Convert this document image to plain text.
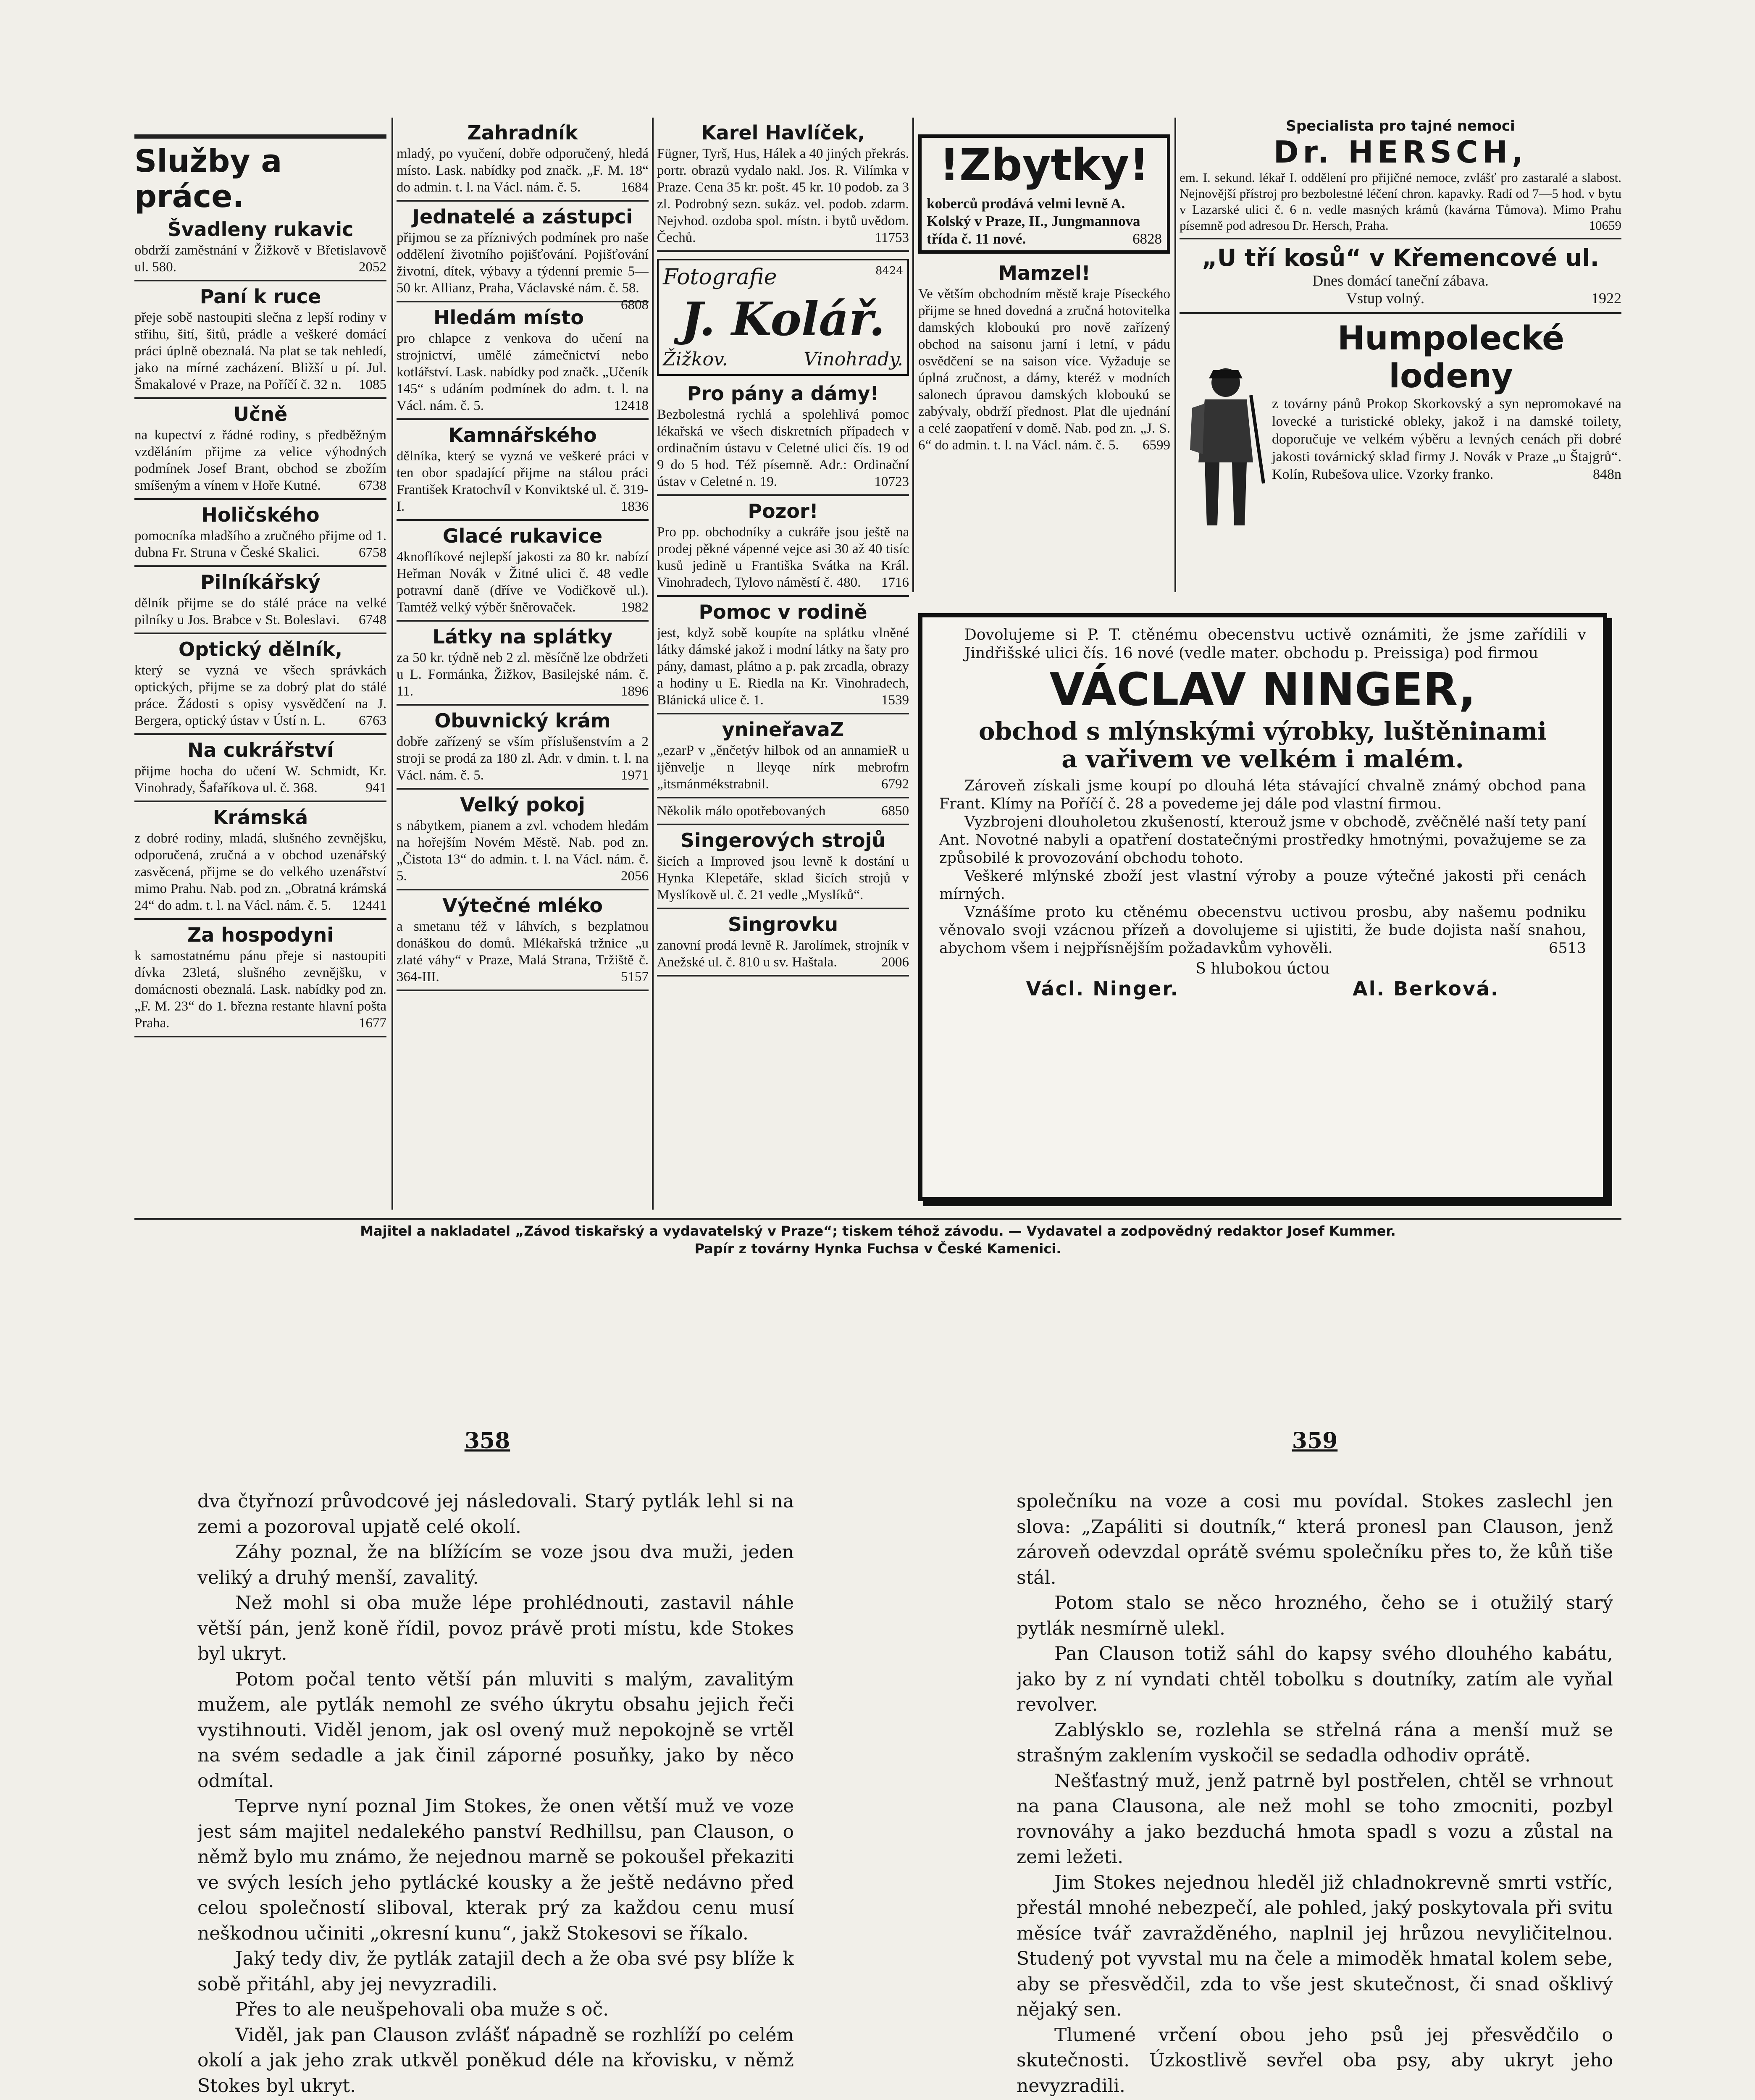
Služby a práce.
Švadleny rukavic

obdrží zaměstnání v Žižkově v Břetislavově ul. 580.	2052

Paní k ruce

přeje sobě nastoupiti slečna z lepší rodiny v střihu, šití, šitů, prádle a veškeré domácí práci úplně obeznalá. Na plat se tak nehledí, jako na mírné zacházení. Bližší u pí. Jul. Šmakalové v Praze, na Poříčí č. 32 n. 1085

Učně

na kupectví z řádné rodiny, s předběžným vzděláním přijme za velice výhodných podmínek Josef Brant, obchod se zbožím smíšeným a vínem v Hoře Kutné.	6738

Holičského

pomocníka mladšího a zručného přijme od 1. dubna Fr. Struna v České Skalici.	6758

Pilníkářský

dělník přijme se do stálé práce na velké pilníky u Jos. Brabce v St. Boleslavi. 6748

Optický dělník,

který se vyzná ve všech správkách optických, přijme se za dobrý plat do stálé práce. Žádosti s opisy vysvědčení na J. Bergera, optický ústav v Ústí n. L. 6763

Na cukrářství

přijme hocha do učení W. Schmidt, Kr. Vinohrady, Šafaříkova ul. č. 368.	941

Krámská

z dobré rodiny, mladá, slušného zevnějšku, odporučená, zručná a v obchod uzenářský zasvěcená, přijme se do velkého uzenářství mimo Prahu. Nab. pod zn. „Obratná krámská 24“ do adm. t. l. na Václ. nám. č. 5. 12441

Za hospodyni

k samostatnému pánu přeje si nastoupiti dívka 23letá, slušného zevnějšku, v domácnosti obeznalá. Lask. nabídky pod zn. „F. M. 23“ do 1. března restante hlavní pošta Praha.	1677

Zahradník

mladý, po vyučení, dobře odporučený, hledá místo. Lask. nabídky pod značk. „F. M. 18“ do admin. t. l. na Václ. nám. č. 5.	1684

Jednatelé a zástupci

přijmou se za příznivých podmínek pro naše oddělení životního pojišťování. Pojišťování životní, dítek, výbavy a týdenní premie 5—50 kr. Allianz, Praha, Václavské nám. č. 58.
6808

Hledám místo

pro chlapce z venkova do učení na strojnictví, umělé zámečnictví nebo kotlářství. Lask. nabídky pod značk. „Učeník 145“ s udáním podmínek do adm. t. l. na Václ. nám. č. 5.	12418

Kamnářského

dělníka, který se vyzná ve veškeré práci v ten obor spadající přijme na stálou práci František Kratochvíl v Konviktské ul. č. 319-I.	1836

Glacé rukavice

4knoflíkové nejlepší jakosti za 80 kr. nabízí Heřman Novák v Žitné ulici č. 48 vedle potravní daně (dříve ve Vodičkově ul.). Tamtéž velký výběr šněrovaček.	1982

Látky na splátky

za 50 kr. týdně neb 2 zl. měsíčně lze obdržeti u L. Formánka, Žižkov, Basilejské nám. č. 11.	1896

Obuvnický krám

dobře zařízený se vším příslušenstvím a 2 stroji se prodá za 180 zl. Adr. v dmin. t. l. na Václ. nám. č. 5.	1971

Velký pokoj

s nábytkem, pianem a zvl. vchodem hledám na hořejším Novém Městě. Nab. pod zn. „Čistota 13“ do admin. t. l. na Václ. nám. č. 5.	2056

Výtečné mléko

a smetanu též v láhvích, s bezplatnou donáškou do domů. Mlékařská tržnice „u zlaté váhy“ v Praze, Malá Strana, Tržiště č. 364-III.	5157

Karel Havlíček,

Fügner, Tyrš, Hus, Hálek a 40 jiných překrás. portr. obrazů vydalo nakl. Jos. R. Vilímka v Praze. Cena 35 kr. pošt. 45 kr. 10 podob. za 3 zl. Podrobný sezn. sukáz. vel. podob. zdarm. Nejvhod. ozdoba spol. místn. i bytů uvědom. Čechů.	11753

Fotografie	8424
J. Kolář.
Žižkov.	Vinohrady.
Pro pány a dámy!

Bezbolestná rychlá a spolehlivá pomoc lékařská ve všech diskretních případech v ordinačním ústavu v Celetné ulici čís. 19 od 9 do 5 hod. Též písemně. Adr.: Ordinační ústav v Celetné n. 19.	10723

Pozor!

Pro pp. obchodníky a cukráře jsou ještě na prodej pěkné vápenné vejce asi 30 až 40 tisíc kusů jedině u Františka Svátka na Král. Vinohradech, Tylovo náměstí č. 480. 1716

Pomoc v rodině

jest, když sobě koupíte na splátku vlněné látky dámské jakož i modní látky na šaty pro pány, damast, plátno a p. pak zrcadla, obrazy a hodiny u E. Riedla na Kr. Vinohradech, Blánická ulice č. 1.	1539

ynineřavaZ

„ezarP v „ěnčetýv hilbok od an annamieR u ijěnvelje n lleyqe nírk mebrofrn „itsmánmékstrabnil.	6792

Několik málo opotřebovaných	6850

Singerových strojů

šicích a Improved jsou levně k dostání u Hynka Klepetáře, sklad šicích strojů v Myslíkově ul. č. 21 vedle „Myslíků“.

Singrovku

zanovní prodá levně R. Jarolímek, strojník v Anežské ul. č. 810 u sv. Haštala.	2006

!Zbytky!
koberců prodává velmi levně A. Kolský v Praze, II., Jungmannova třída č. 11 nové.	6828
Mamzel!

Ve větším obchodním městě kraje Píseckého přijme se hned dovedná a zručná hotovitelka damských kloboukú pro nově zařízený obchod na saisonu jarní i letní, v pádu osvědčení se na saison více. Vyžaduje se úplná zručnost, a dámy, kteréž v modních salonech úpravou damských kloboukú se zabývaly, obdrží přednost. Plat dle ujednání a celé zaopatření v domě. Nab. pod zn. „J. S. 6“ do admin. t. l. na Václ. nám. č. 5. 6599

Specialista pro tajné nemoci
Dr. HERSCH,

em. I. sekund. lékař I. oddělení pro přijičné nemoce, zvlášť pro zastaralé a slabost. Nejnovější přístroj pro bezbolestné léčení chron. kapavky. Radí od 7—5 hod. v bytu v Lazarské ulici č. 6 n. vedle masných krámů (kavárna Tůmova). Mimo Prahu písemně pod adresou Dr. Hersch, Praha.	10659

„U tří kosů“ v Křemencové ul.
Dnes domácí taneční zábava.
Vstup volný.	1922
Humpolecké lodeny

z továrny pánů Prokop Skorkovský a syn nepromokavé na lovecké a turistické obleky, jakož i na damské toilety, doporučuje ve velkém výběru a levných cenách při dobré jakosti továrnický sklad firmy J. Novák v Praze „u Štajgrů“. Kolín, Rubešova ulice. Vzorky franko.	848n

Dovolujeme si P. T. ctěnému obecenstvu uctivě oznámiti, že jsme zařídili v Jindřišské ulici čís. 16 nové (vedle mater. obchodu p. Preissiga) pod firmou

VÁCLAV NINGER,
obchod s mlýnskými výrobky, luštěninami
a vařivem ve velkém i malém.

Zároveň získali jsme koupí po dlouhá léta stávající chvalně známý obchod pana Frant. Klímy na Poříčí č. 28 a povedeme jej dále pod vlastní firmou.

Vyzbrojeni dlouholetou zkušeností, kterouž jsme v obchodě, zvěčnělé naší tety paní Ant. Novotné nabyli a opatření dostatečnými prostředky hmotnými, považujeme se za způsobilé k provozování obchodu tohoto.

Veškeré mlýnské zboží jest vlastní výroby a pouze výtečné jakosti při cenách mírných.

Vznášíme proto ku ctěnému obecenstvu uctivou prosbu, aby našemu podniku věnovalo svoji vzácnou přízeň a dovolujeme si ujistiti, že bude dojista naší snahou, abychom všem i nejpřísnějším požadavkům vyhověli.	6513

S hlubokou úctou
Václ. Ninger.	Al. Berková.
Majitel a nakladatel „Závod tiskařský a vydavatelský v Praze“; tiskem téhož závodu. — Vydavatel a zodpovědný redaktor Josef Kummer.
Papír z továrny Hynka Fuchsa v České Kamenici.
358	359

dva čtyřnozí průvodcové jej následovali. Starý pytlák lehl si na zemi a pozoroval upjatě celé okolí.

Záhy poznal, že na blížícím se voze jsou dva muži, jeden veliký a druhý menší, zavalitý.

Než mohl si oba muže lépe prohlédnouti, zastavil náhle větší pán, jenž koně řídil, povoz právě proti místu, kde Stokes byl ukryt.

Potom počal tento větší pán mluviti s malým, zavalitým mužem, ale pytlák nemohl ze svého úkrytu obsahu jejich řeči vystihnouti. Viděl jenom, jak osl ovený muž nepokojně se vrtěl na svém sedadle a jak činil záporné posuňky, jako by něco odmítal.

Teprve nyní poznal Jim Stokes, že onen větší muž ve voze jest sám majitel nedalekého panství Redhillsu, pan Clauson, o němž bylo mu známo, že nejednou marně se pokoušel překaziti ve svých lesích jeho pytlácké kousky a že ještě nedávno před celou společností sliboval, kterak prý za každou cenu musí neškodnou učiniti „okresní kunu“, jakž Stokesovi se říkalo.

Jaký tedy div, že pytlák zatajil dech a že oba své psy blíže k sobě přitáhl, aby jej nevyzradili.

Přes to ale neušpehovali oba muže s oč.

Viděl, jak pan Clauson zvlášť nápadně se rozhlíží po celém okolí a jak jeho zrak utkvěl poněkud déle na křovisku, v němž Stokes byl ukryt.

společníku na voze a cosi mu povídal. Stokes zaslechl jen slova: „Zapáliti si doutník,“ která pronesl pan Clauson, jenž zároveň odevzdal oprátě svému společníku přes to, že kůň tiše stál.

Potom stalo se něco hrozného, čeho se i otužilý starý pytlák nesmírně ulekl.

Pan Clauson totiž sáhl do kapsy svého dlouhého kabátu, jako by z ní vyndati chtěl tobolku s doutníky, zatím ale vyňal revolver.

Zablýsklo se, rozlehla se střelná rána a menší muž se strašným zaklením vyskočil se sedadla odhodiv oprátě.

Nešťastný muž, jenž patrně byl postřelen, chtěl se vrhnout na pana Clausona, ale než mohl se toho zmocniti, pozbyl rovnováhy a jako bezduchá hmota spadl s vozu a zůstal na zemi ležeti.

Jim Stokes nejednou hleděl již chladnokrevně smrti vstříc, přestál mnohé nebezpečí, ale pohled, jaký poskytovala při svitu měsíce tvář zavražděného, naplnil jej hrůzou nevyličitelnou. Studený pot vyvstal mu na čele a mimoděk hmatal kolem sebe, aby se přesvědčil, zda to vše jest skutečnost, či snad ošklivý nějaký sen.

Tlumené vrčení obou jeho psů jej přesvědčilo o skutečnosti. Úzkostlivě sevřel oba psy, aby ukryt jeho nevyzradili.
